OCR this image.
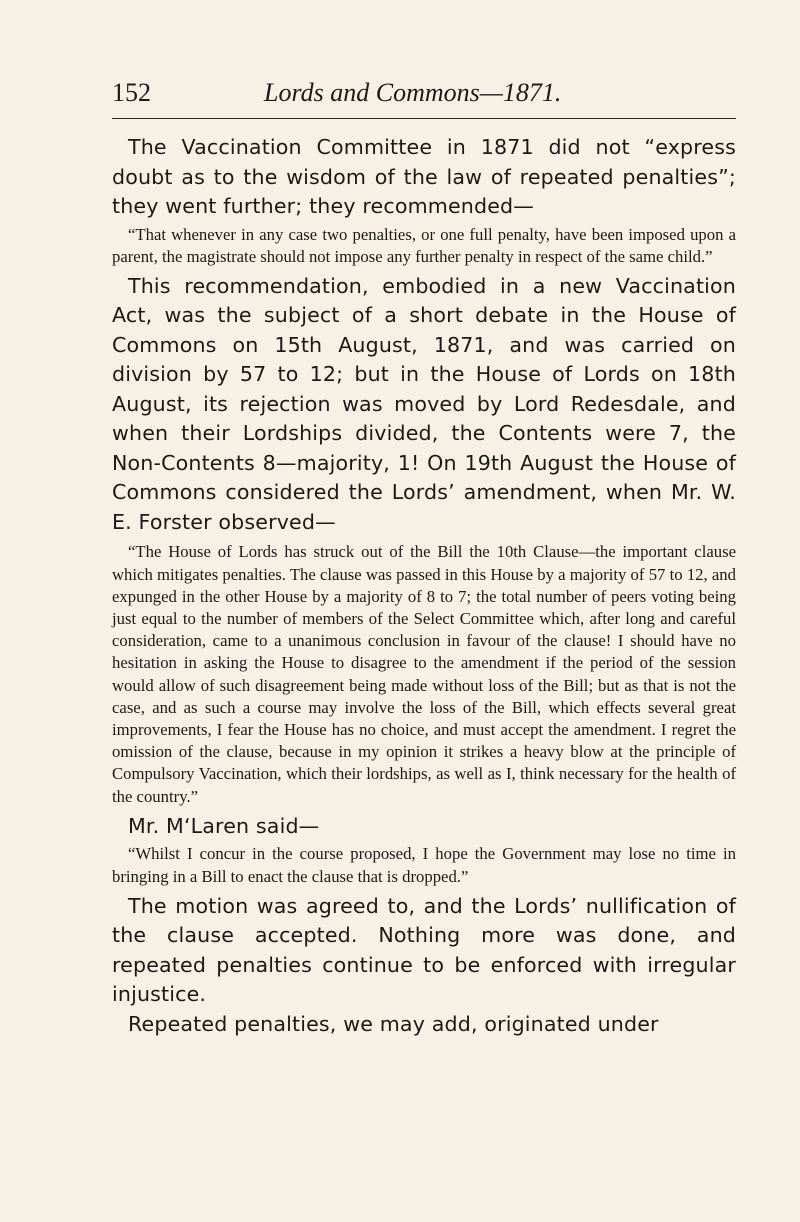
152	Lords and Commons—1871.

The Vaccination Committee in 1871 did not “express doubt as to the wisdom of the law of repeated penalties”; they went further; they recommended—

“That whenever in any case two penalties, or one full penalty, have been imposed upon a parent, the magistrate should not impose any further penalty in respect of the same child.”

This recommendation, embodied in a new Vaccination Act, was the subject of a short debate in the House of Commons on 15th August, 1871, and was carried on division by 57 to 12; but in the House of Lords on 18th August, its rejection was moved by Lord Redesdale, and when their Lordships divided, the Contents were 7, the Non-Contents 8—majority, 1! On 19th August the House of Commons considered the Lords’ amendment, when Mr. W. E. Forster observed—

“The House of Lords has struck out of the Bill the 10th Clause—the important clause which mitigates penalties. The clause was passed in this House by a majority of 57 to 12, and expunged in the other House by a majority of 8 to 7; the total number of peers voting being just equal to the number of members of the Select Committee which, after long and careful consideration, came to a unanimous conclusion in favour of the clause! I should have no hesitation in asking the House to disagree to the amendment if the period of the session would allow of such disagreement being made without loss of the Bill; but as that is not the case, and as such a course may involve the loss of the Bill, which effects several great improvements, I fear the House has no choice, and must accept the amendment. I regret the omission of the clause, because in my opinion it strikes a heavy blow at the principle of Compulsory Vaccination, which their lordships, as well as I, think necessary for the health of the country.”

Mr. M‘Laren said—

“Whilst I concur in the course proposed, I hope the Government may lose no time in bringing in a Bill to enact the clause that is dropped.”

The motion was agreed to, and the Lords’ nullification of the clause accepted. Nothing more was done, and repeated penalties continue to be enforced with irregular injustice.

Repeated penalties, we may add, originated under
